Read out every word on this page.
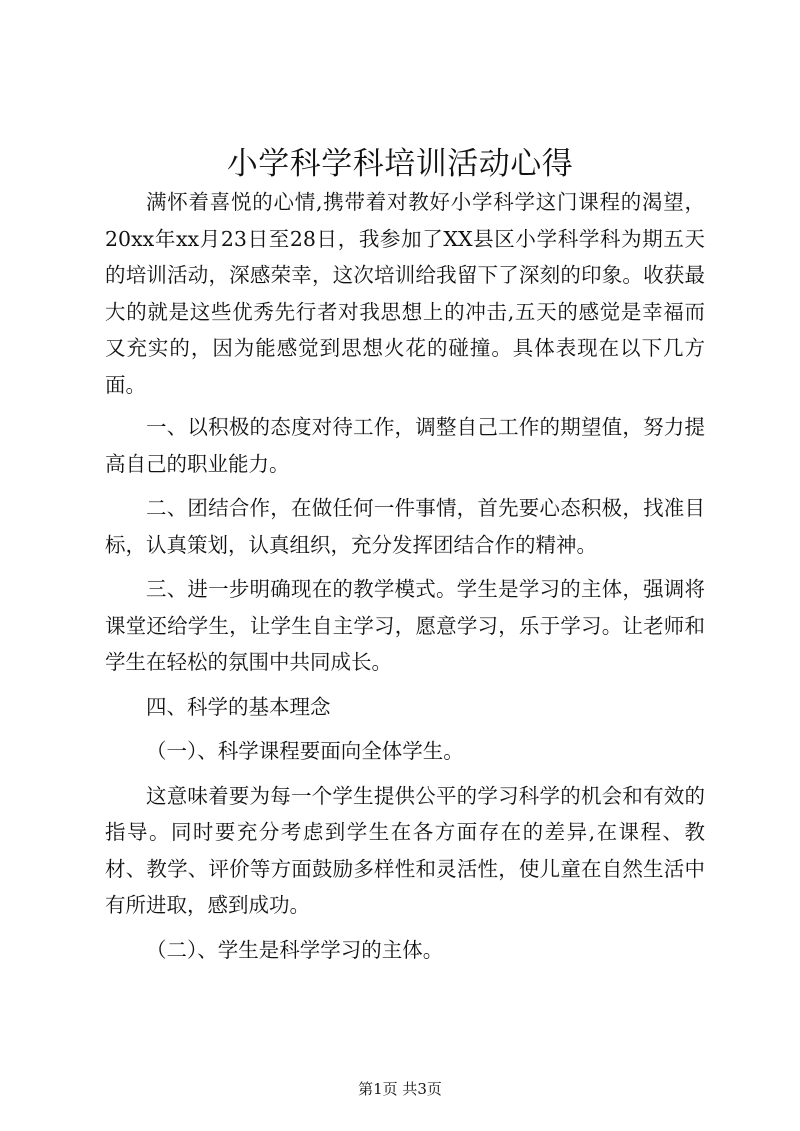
小学科学科培训活动心得

满怀着喜悦的心情,携带着对教好小学科学这门课程的渴望，20xx年xx月23日至28日，我参加了XX县区小学科学科为期五天的培训活动，深感荣幸，这次培训给我留下了深刻的印象。收获最大的就是这些优秀先行者对我思想上的冲击,五天的感觉是幸福而又充实的，因为能感觉到思想火花的碰撞。具体表现在以下几方面。

一、以积极的态度对待工作，调整自己工作的期望值，努力提高自己的职业能力。

二、团结合作，在做任何一件事情，首先要心态积极，找准目标，认真策划，认真组织，充分发挥团结合作的精神。

三、进一步明确现在的教学模式。学生是学习的主体，强调将课堂还给学生，让学生自主学习，愿意学习，乐于学习。让老师和学生在轻松的氛围中共同成长。

四、科学的基本理念

（一）、科学课程要面向全体学生。

这意味着要为每一个学生提供公平的学习科学的机会和有效的指导。同时要充分考虑到学生在各方面存在的差异,在课程、教材、教学、评价等方面鼓励多样性和灵活性，使儿童在自然生活中有所进取，感到成功。

（二）、学生是科学学习的主体。

第1页 共3页
